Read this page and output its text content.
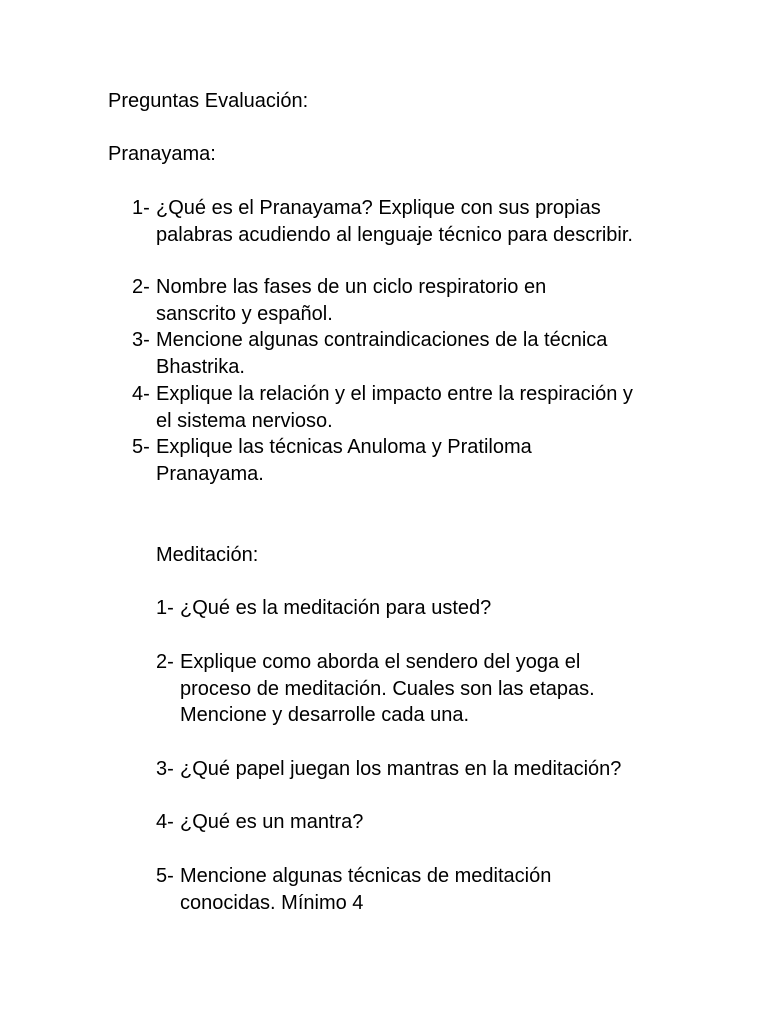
Preguntas Evaluación:
Pranayama:
1- ¿Qué es el Pranayama? Explique con sus propias palabras acudiendo al lenguaje técnico para describir.
2- Nombre las fases de un ciclo respiratorio en sanscrito y español.
3- Mencione algunas contraindicaciones de la técnica Bhastrika.
4- Explique la relación y el impacto entre la respiración y el sistema nervioso.
5- Explique las técnicas Anuloma y Pratiloma Pranayama.
Meditación:
1- ¿Qué es la meditación para usted?
2- Explique como aborda el sendero del yoga el proceso de meditación. Cuales son las etapas. Mencione y desarrolle cada una.
3- ¿Qué papel juegan los mantras en la meditación?
4- ¿Qué es un mantra?
5- Mencione algunas técnicas de meditación conocidas. Mínimo 4
